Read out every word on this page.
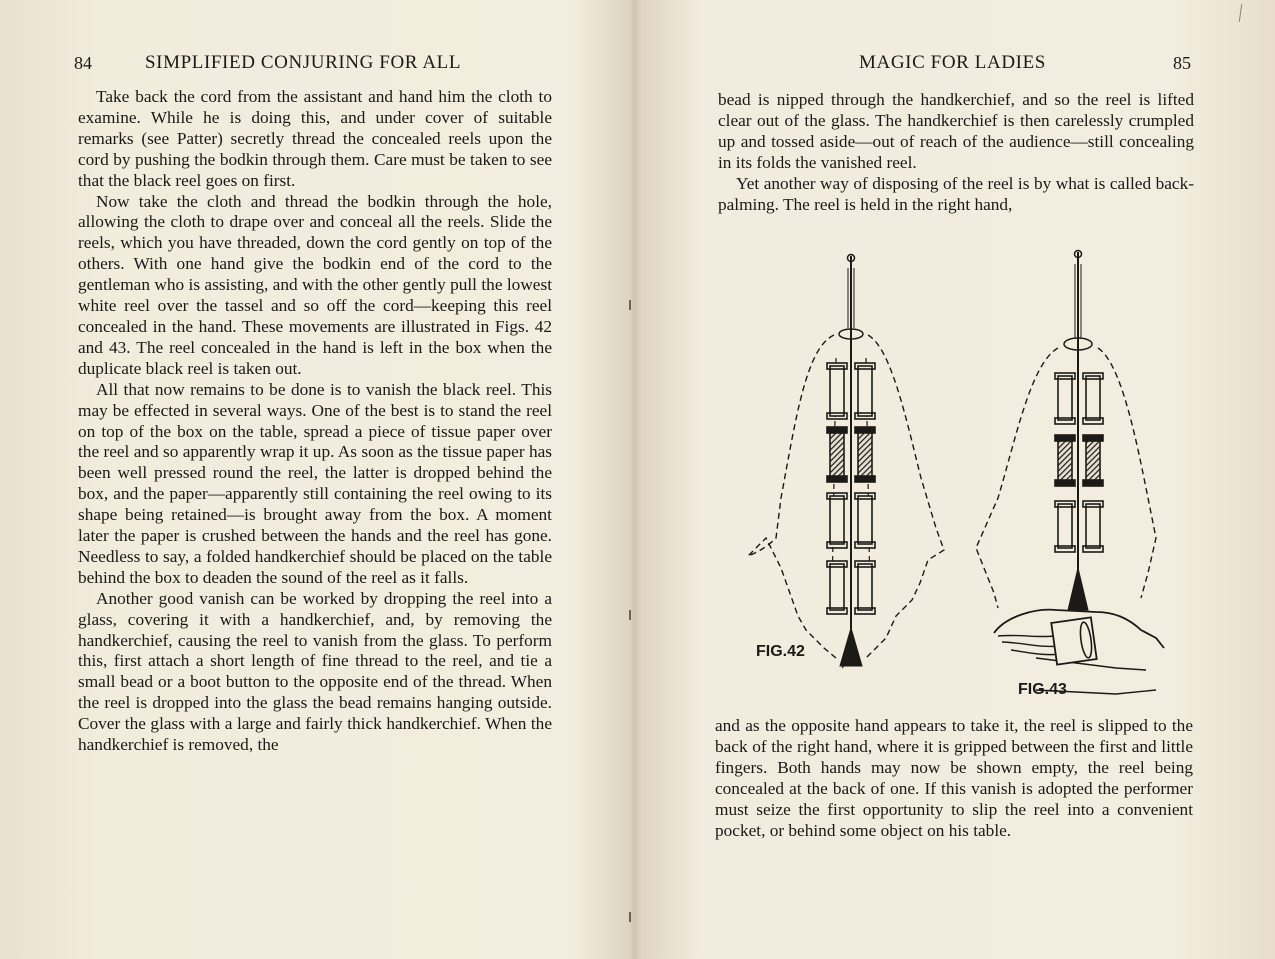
84	SIMPLIFIED CONJURING FOR ALL

Take back the cord from the assistant and hand him the cloth to examine. While he is doing this, and under cover of suitable remarks (see Patter) secretly thread the concealed reels upon the cord by pushing the bodkin through them. Care must be taken to see that the black reel goes on first.

Now take the cloth and thread the bodkin through the hole, allowing the cloth to drape over and conceal all the reels. Slide the reels, which you have threaded, down the cord gently on top of the others. With one hand give the bodkin end of the cord to the gentleman who is assisting, and with the other gently pull the lowest white reel over the tassel and so off the cord—keeping this reel concealed in the hand. These movements are illustrated in Figs. 42 and 43. The reel concealed in the hand is left in the box when the duplicate black reel is taken out.

All that now remains to be done is to vanish the black reel. This may be effected in several ways. One of the best is to stand the reel on top of the box on the table, spread a piece of tissue paper over the reel and so apparently wrap it up. As soon as the tissue paper has been well pressed round the reel, the latter is dropped behind the box, and the paper—apparently still containing the reel owing to its shape being retained—is brought away from the box. A moment later the paper is crushed between the hands and the reel has gone. Needless to say, a folded handkerchief should be placed on the table behind the box to deaden the sound of the reel as it falls.

Another good vanish can be worked by dropping the reel into a glass, covering it with a handkerchief, and, by removing the handkerchief, causing the reel to vanish from the glass. To perform this, first attach a short length of fine thread to the reel, and tie a small bead or a boot button to the opposite end of the thread. When the reel is dropped into the glass the bead remains hanging outside. Cover the glass with a large and fairly thick handkerchief. When the handkerchief is removed, the

MAGIC FOR LADIES	85

bead is nipped through the handkerchief, and so the reel is lifted clear out of the glass. The handkerchief is then carelessly crumpled up and tossed aside—out of reach of the audience—still concealing in its folds the vanished reel.

Yet another way of disposing of the reel is by what is called back-palming. The reel is held in the right hand,

FIG.42
FIG.43

and as the opposite hand appears to take it, the reel is slipped to the back of the right hand, where it is gripped between the first and little fingers. Both hands may now be shown empty, the reel being concealed at the back of one. If this vanish is adopted the performer must seize the first opportunity to slip the reel into a convenient pocket, or behind some object on his table.
